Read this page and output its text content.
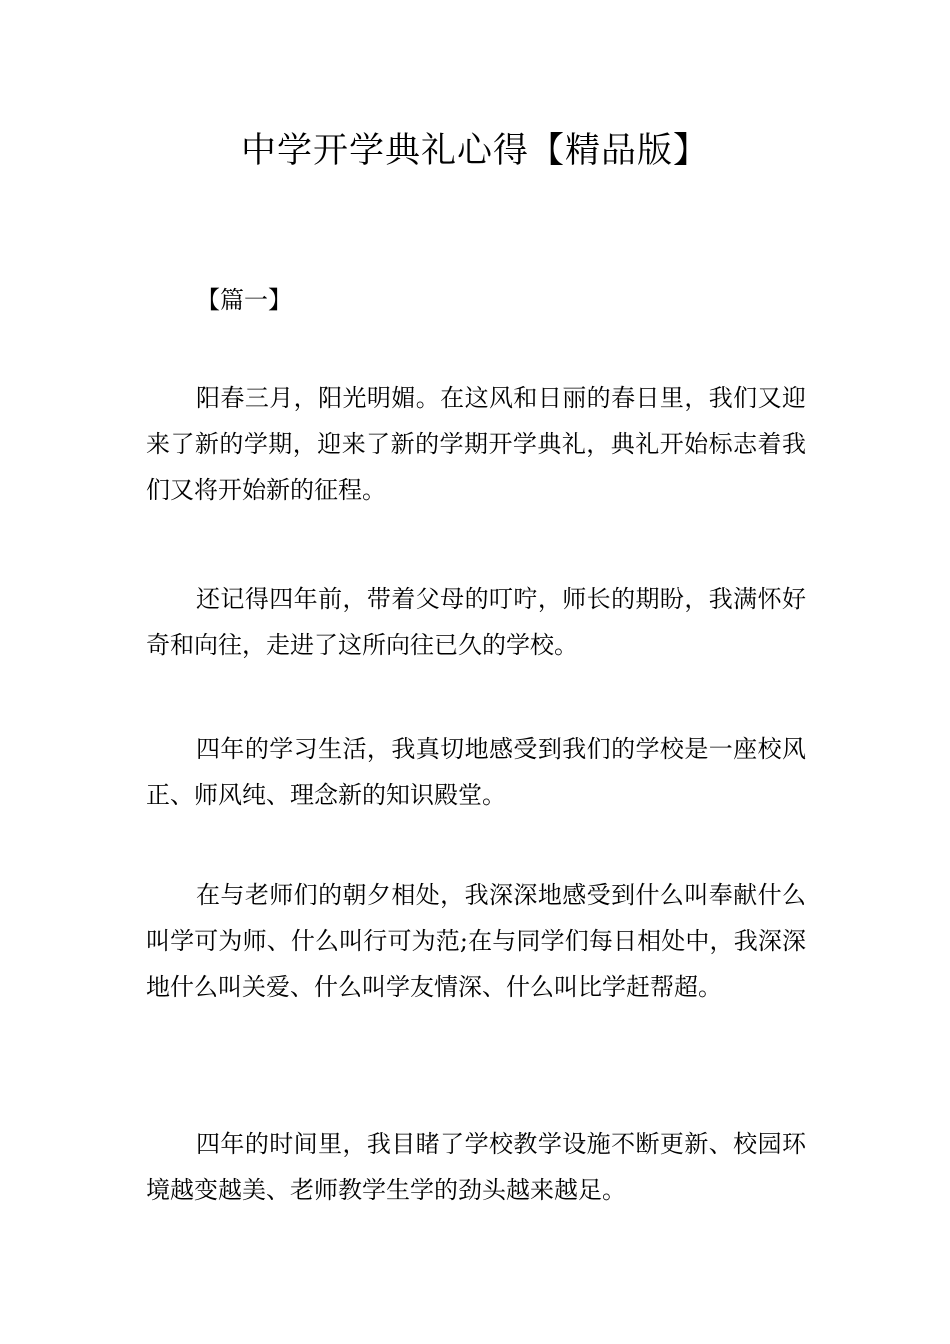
中学开学典礼心得【精品版】

【篇一】

阳春三月，阳光明媚。在这风和日丽的春日里，我们又迎来了新的学期，迎来了新的学期开学典礼，典礼开始标志着我们又将开始新的征程。

还记得四年前，带着父母的叮咛，师长的期盼，我满怀好奇和向往，走进了这所向往已久的学校。

四年的学习生活，我真切地感受到我们的学校是一座校风正、师风纯、理念新的知识殿堂。

在与老师们的朝夕相处，我深深地感受到什么叫奉献什么叫学可为师、什么叫行可为范;在与同学们每日相处中，我深深地什么叫关爱、什么叫学友情深、什么叫比学赶帮超。

四年的时间里，我目睹了学校教学设施不断更新、校园环境越变越美、老师教学生学的劲头越来越足。
